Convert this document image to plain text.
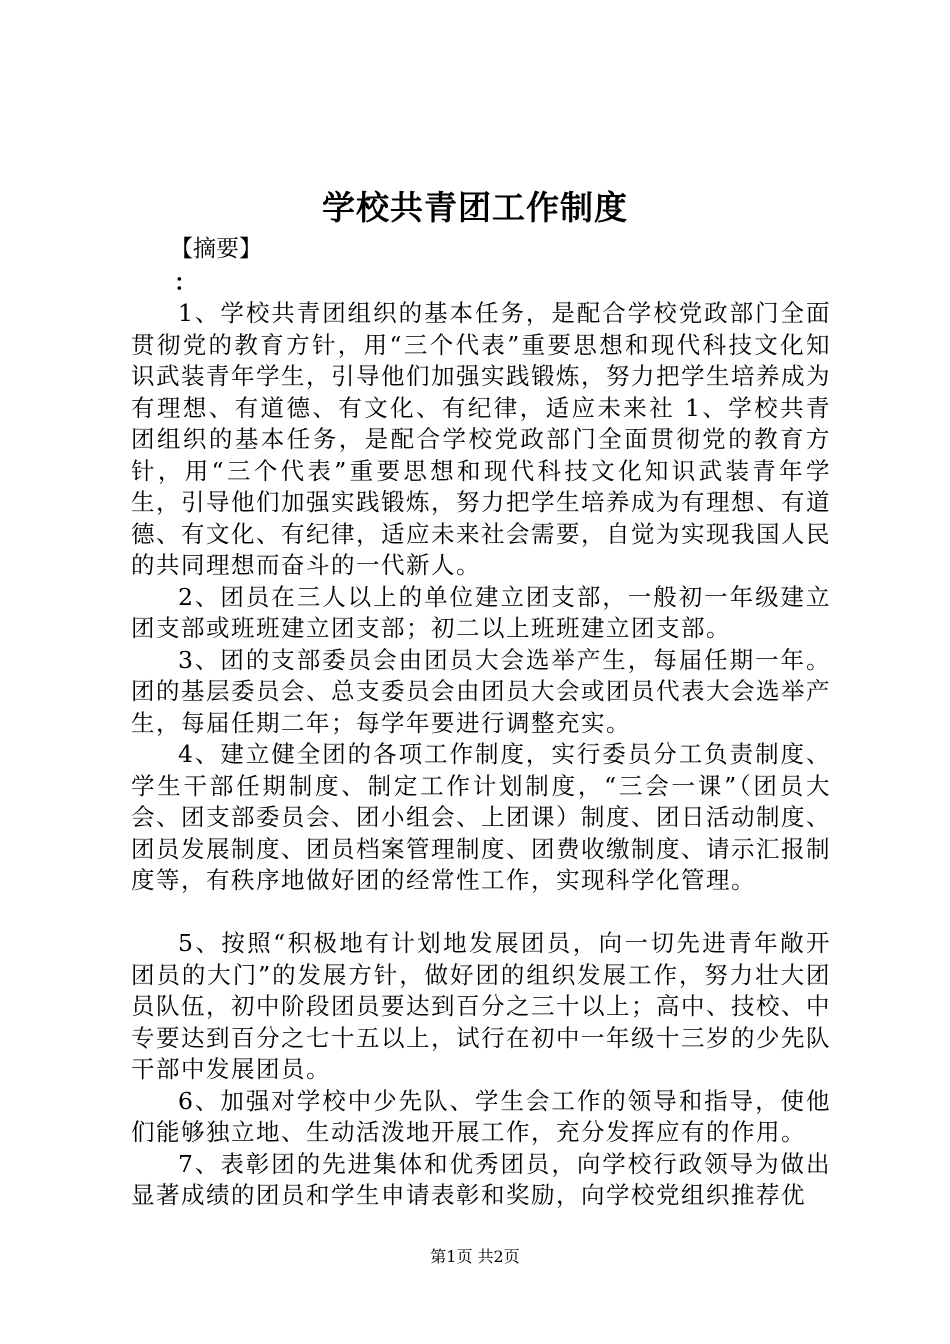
学校共青团工作制度
【摘要】
：

1、学校共青团组织的基本任务，是配合学校党政部门全面贯彻党的教育方针，用“三个代表”重要思想和现代科技文化知识武装青年学生，引导他们加强实践锻炼，努力把学生培养成为有理想、有道德、有文化、有纪律，适应未来社 1、学校共青团组织的基本任务，是配合学校党政部门全面贯彻党的教育方针，用“三个代表”重要思想和现代科技文化知识武装青年学生，引导他们加强实践锻炼，努力把学生培养成为有理想、有道德、有文化、有纪律，适应未来社会需要，自觉为实现我国人民的共同理想而奋斗的一代新人。

2、团员在三人以上的单位建立团支部，一般初一年级建立团支部或班班建立团支部；初二以上班班建立团支部。

3、团的支部委员会由团员大会选举产生，每届任期一年。团的基层委员会、总支委员会由团员大会或团员代表大会选举产生，每届任期二年；每学年要进行调整充实。

4、建立健全团的各项工作制度，实行委员分工负责制度、学生干部任期制度、制定工作计划制度，“三会一课”（团员大会、团支部委员会、团小组会、上团课）制度、团日活动制度、团员发展制度、团员档案管理制度、团费收缴制度、请示汇报制度等，有秩序地做好团的经常性工作，实现科学化管理。

5、按照“积极地有计划地发展团员，向一切先进青年敞开团员的大门”的发展方针，做好团的组织发展工作，努力壮大团员队伍，初中阶段团员要达到百分之三十以上；高中、技校、中专要达到百分之七十五以上，试行在初中一年级十三岁的少先队干部中发展团员。

6、加强对学校中少先队、学生会工作的领导和指导，使他们能够独立地、生动活泼地开展工作，充分发挥应有的作用。

7、表彰团的先进集体和优秀团员，向学校行政领导为做出显著成绩的团员和学生申请表彰和奖励，向学校党组织推荐优

第1页 共2页
